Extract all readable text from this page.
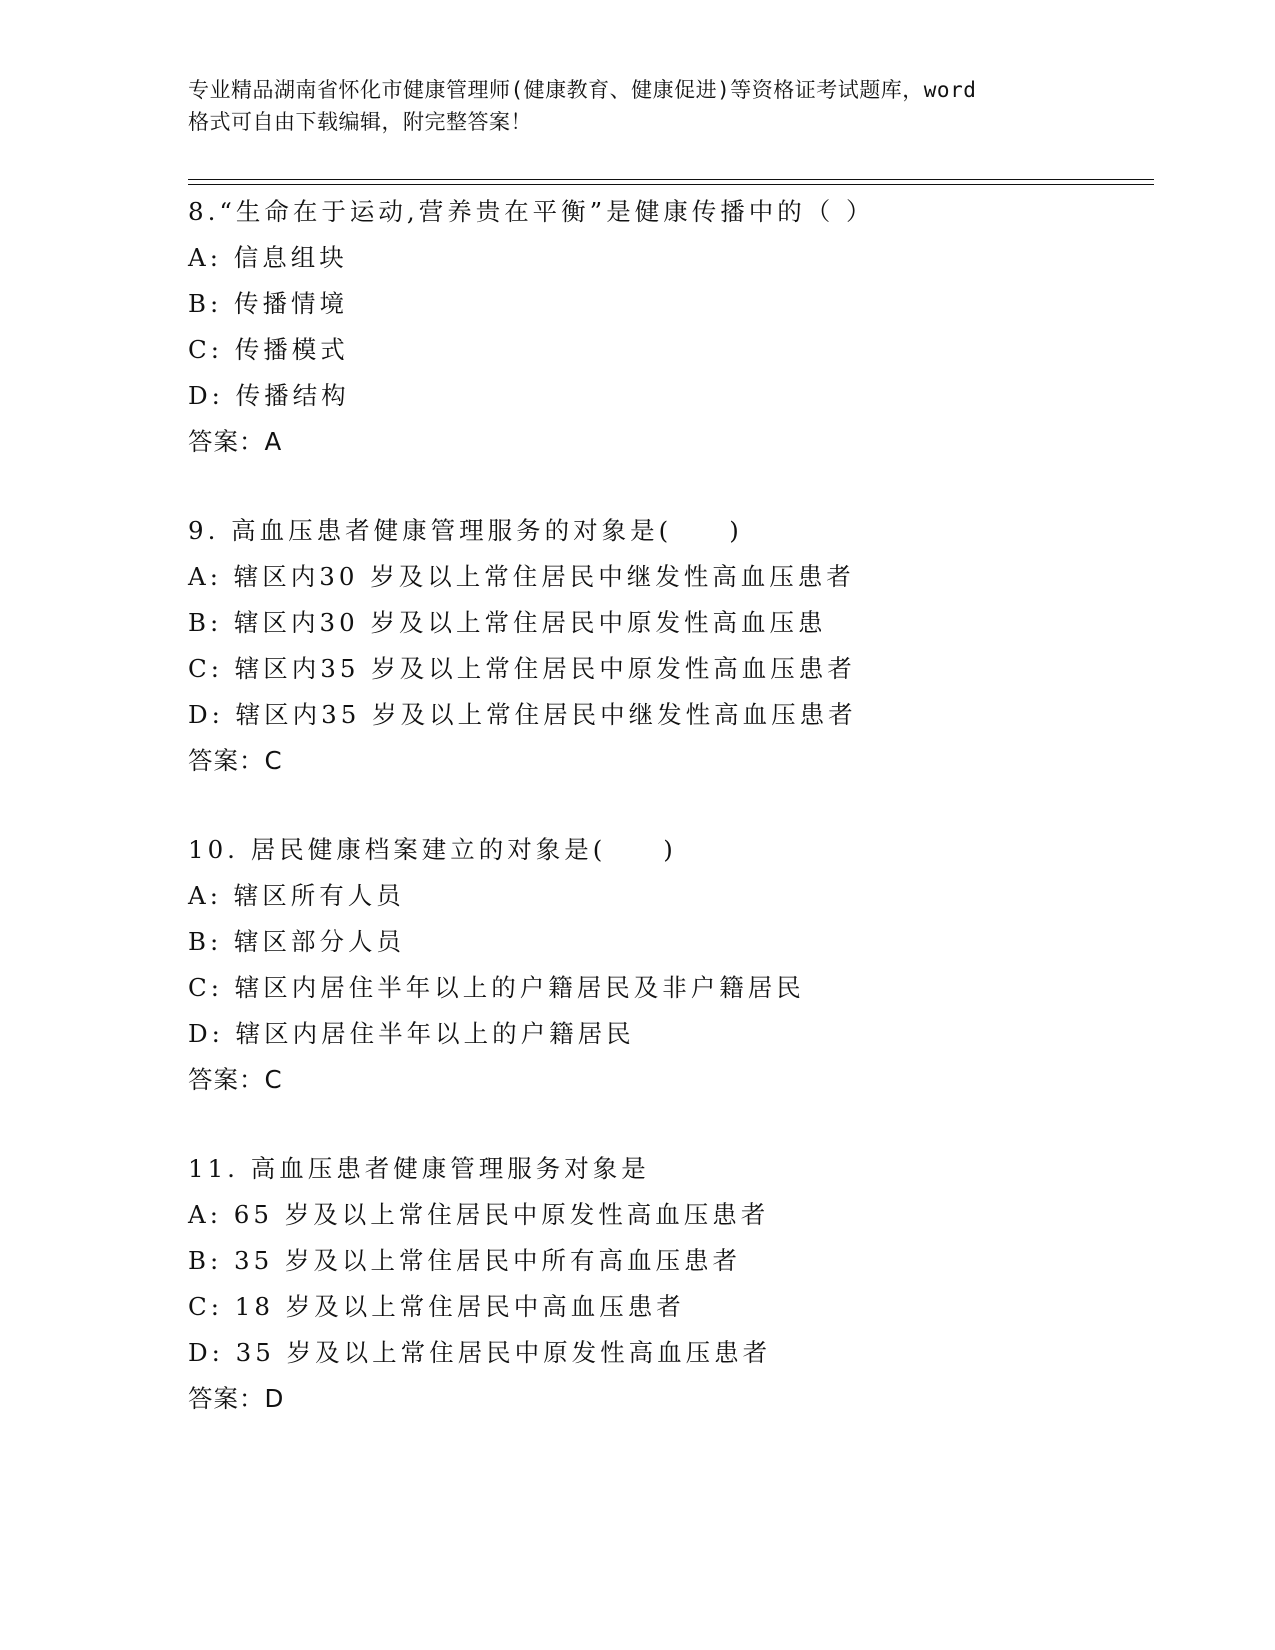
专业精品湖南省怀化市健康管理师(健康教育、健康促进)等资格证考试题库，word
格式可自由下载编辑，附完整答案！
8.“生命在于运动,营养贵在平衡”是健康传播中的（ ）
A: 信息组块
B: 传播情境
C: 传播模式
D: 传播结构
答案：A
9. 高血压患者健康管理服务的对象是(　　)
A: 辖区内30 岁及以上常住居民中继发性高血压患者
B: 辖区内30 岁及以上常住居民中原发性高血压患
C: 辖区内35 岁及以上常住居民中原发性高血压患者
D: 辖区内35 岁及以上常住居民中继发性高血压患者
答案：C
10. 居民健康档案建立的对象是(　　)
A: 辖区所有人员
B: 辖区部分人员
C: 辖区内居住半年以上的户籍居民及非户籍居民
D: 辖区内居住半年以上的户籍居民
答案：C
11. 高血压患者健康管理服务对象是
A: 65 岁及以上常住居民中原发性高血压患者
B: 35 岁及以上常住居民中所有高血压患者
C: 18 岁及以上常住居民中高血压患者
D: 35 岁及以上常住居民中原发性高血压患者
答案：D
